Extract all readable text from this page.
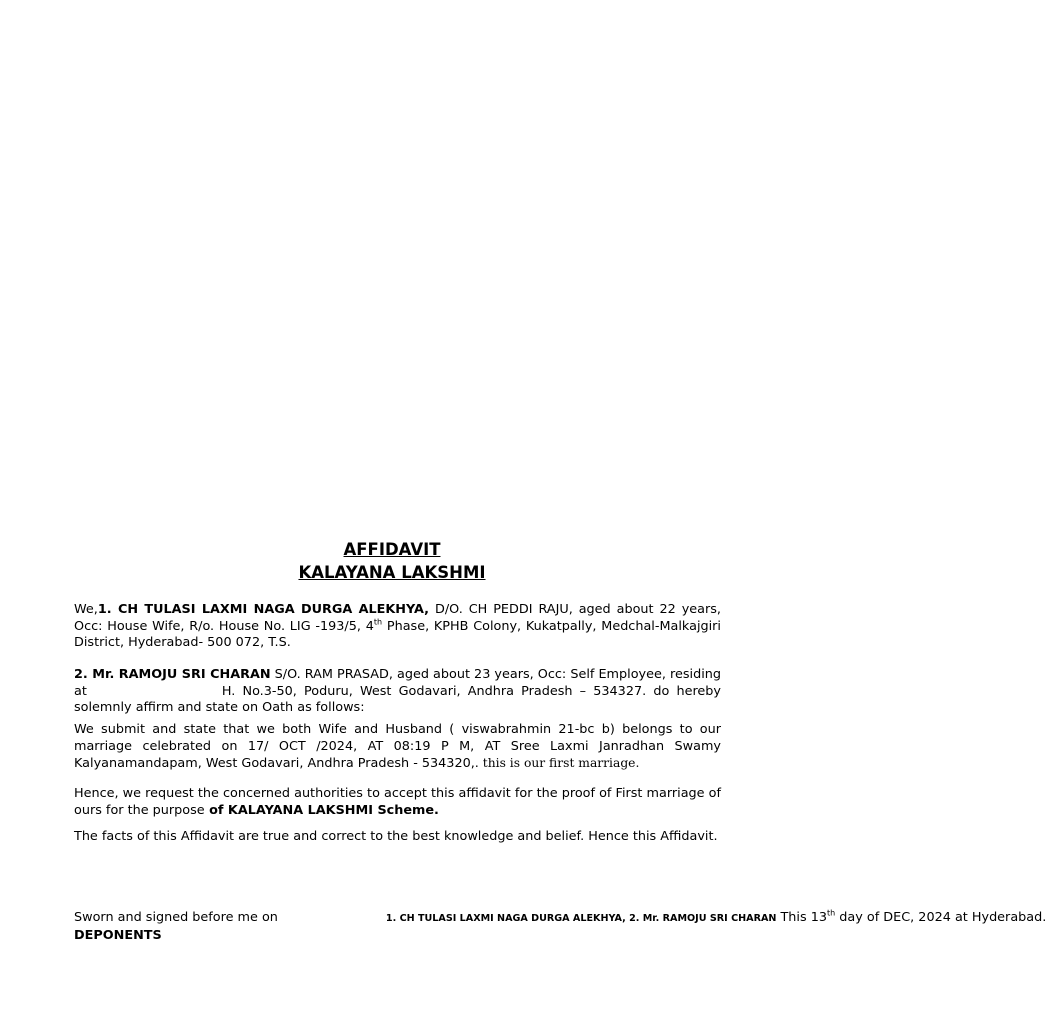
AFFIDAVIT
KALAYANA LAKSHMI
We,1. CH TULASI LAXMI NAGA DURGA ALEKHYA, D/O. CH PEDDI RAJU, aged about 22 years, Occ: House Wife, R/o. House No. LIG -193/5, 4th Phase, KPHB Colony, Kukatpally, Medchal-Malkajgiri District, Hyderabad- 500 072, T.S.
2. Mr. RAMOJU SRI CHARAN S/O. RAM PRASAD, aged about 23 years, Occ: Self Employee, residing at	H. No.3-50, Poduru, West Godavari, Andhra Pradesh – 534327. do hereby solemnly affirm and state on Oath as follows:
We submit and state that we both Wife and Husband ( viswabrahmin 21-bc b) belongs to our marriage celebrated on 17/ OCT /2024, AT 08:19 P M, AT Sree Laxmi Janradhan Swamy Kalyanamandapam, West Godavari, Andhra Pradesh - 534320,. this is our first marriage.
Hence, we request the concerned authorities to accept this affidavit for the proof of First marriage of ours for the purpose of KALAYANA LAKSHMI Scheme.
The facts of this Affidavit are true and correct to the best knowledge and belief. Hence this Affidavit.
Sworn and signed before me on	1. CH TULASI LAXMI NAGA DURGA ALEKHYA, 2. Mr. RAMOJU SRI CHARAN This 13th day of DEC, 2024 at Hyderabad.
DEPONENTS
